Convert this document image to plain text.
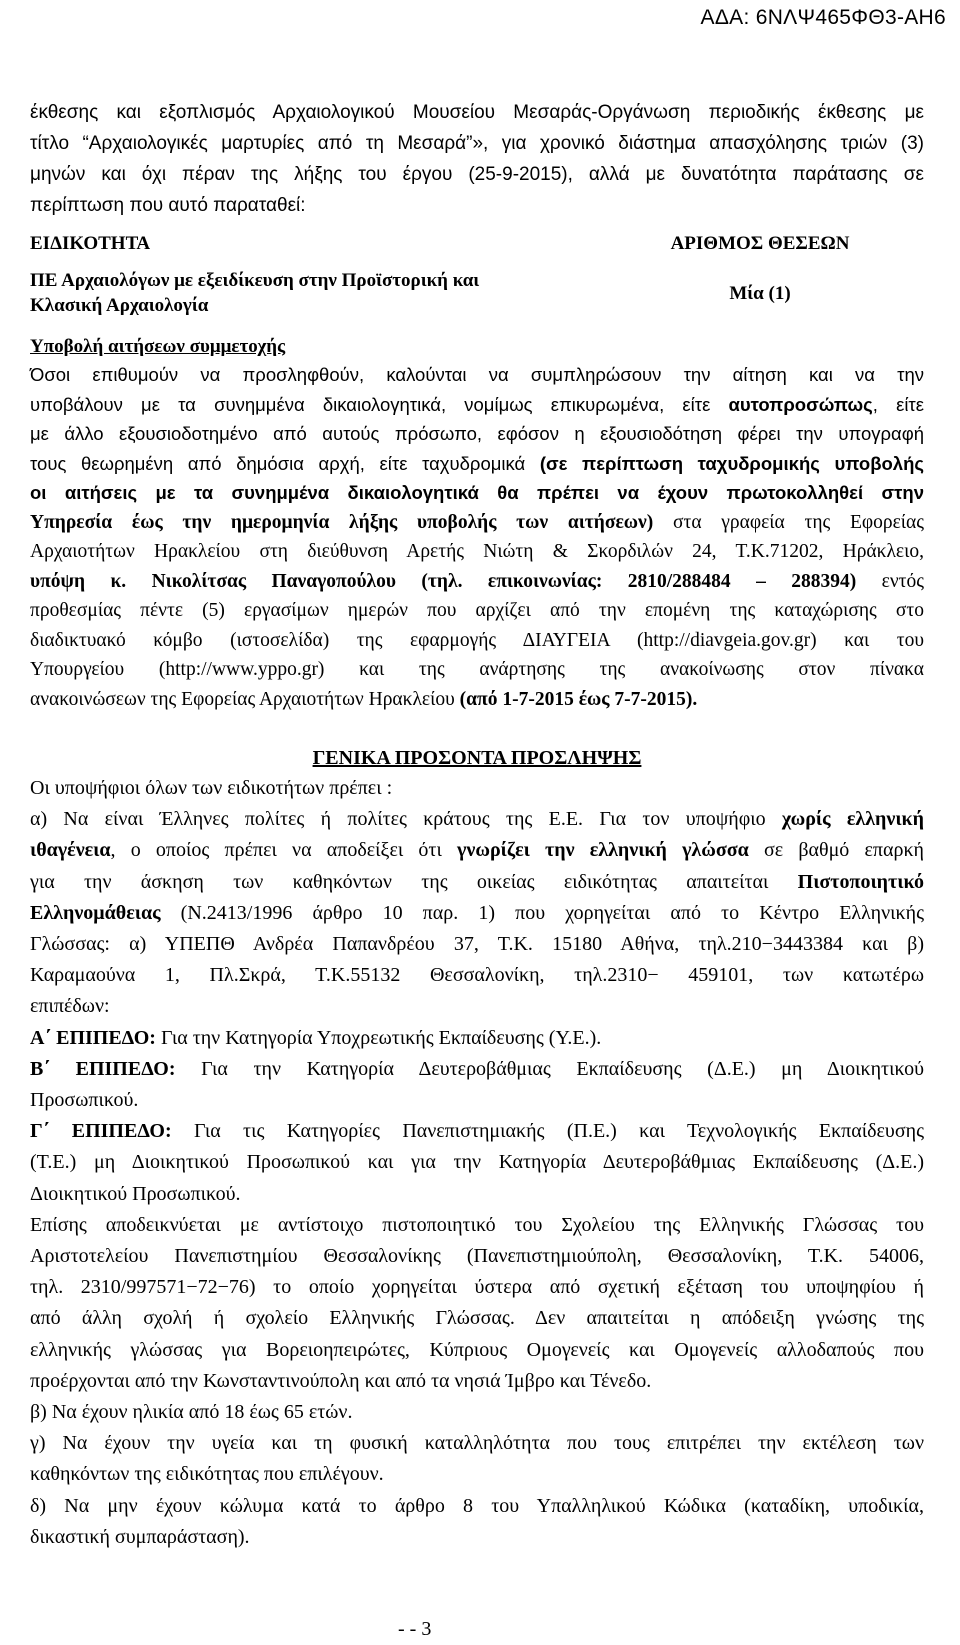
ΑΔΑ: 6ΝΛΨ465ΦΘ3-ΑΗ6

έκθεσης και εξοπλισμός Αρχαιολογικού Μουσείου Μεσαράς-Οργάνωση περιοδικής έκθεσης με

τίτλο “Αρχαιολογικές μαρτυρίες από τη Μεσαρά”», για χρονικό διάστημα απασχόλησης τριών (3)

μηνών και όχι πέραν της λήξης του έργου (25-9-2015), αλλά με δυνατότητα παράτασης σε

περίπτωση που αυτό παραταθεί:

ΕΙΔΙΚΟΤΗΤΑ	ΑΡΙΘΜΟΣ ΘΕΣΕΩΝ
ΠΕ Αρχαιολόγων με εξειδίκευση στην Προϊστορική και
Κλασική Αρχαιολογία	Μία (1)
Υποβολή αιτήσεων συμμετοχής

Όσοι επιθυμούν να προσληφθούν, καλούνται να συμπληρώσουν την αίτηση και να την

υποβάλουν με τα συνημμένα δικαιολογητικά, νομίμως επικυρωμένα, είτε αυτοπροσώπως, είτε

με άλλο εξουσιοδοτημένο από αυτούς πρόσωπο, εφόσον η εξουσιοδότηση φέρει την υπογραφή

τους θεωρημένη από δημόσια αρχή, είτε ταχυδρομικά (σε περίπτωση ταχυδρομικής υποβολής

οι αιτήσεις με τα συνημμένα δικαιολογητικά θα πρέπει να έχουν πρωτοκολληθεί στην

Υπηρεσία έως την ημερομηνία λήξης υποβολής των αιτήσεων) στα γραφεία της Εφορείας

Αρχαιοτήτων Ηρακλείου στη διεύθυνση Αρετής Νιώτη & Σκορδιλών 24, Τ.Κ.71202, Ηράκλειο,

υπόψη κ. Νικολίτσας Παναγοπούλου (τηλ. επικοινωνίας: 2810/288484 – 288394) εντός

προθεσμίας πέντε (5) εργασίμων ημερών που αρχίζει από την επομένη της καταχώρισης στο

διαδικτυακό κόμβο (ιστοσελίδα) της εφαρμογής ΔΙΑΥΓΕΙΑ (http://diavgeia.gov.gr) και του

Υπουργείου (http://www.yppo.gr) και της ανάρτησης της ανακοίνωσης στον πίνακα

ανακοινώσεων της Εφορείας Αρχαιοτήτων Ηρακλείου (από 1-7-2015 έως 7-7-2015).

ΓΕΝΙΚΑ ΠΡΟΣΟΝΤΑ ΠΡΟΣΛΗΨΗΣ

Οι υποψήφιοι όλων των ειδικοτήτων πρέπει :

α) Να είναι Έλληνες πολίτες ή πολίτες κράτους της Ε.Ε. Για τον υποψήφιο χωρίς ελληνική

ιθαγένεια, ο οποίος πρέπει να αποδείξει ότι γνωρίζει την ελληνική γλώσσα σε βαθμό επαρκή

για την άσκηση των καθηκόντων της οικείας ειδικότητας απαιτείται Πιστοποιητικό

Ελληνομάθειας (Ν.2413/1996 άρθρο 10 παρ. 1) που χορηγείται από το Κέντρο Ελληνικής

Γλώσσας: α) ΥΠΕΠΘ Ανδρέα Παπανδρέου 37, Τ.Κ. 15180 Αθήνα, τηλ.210−3443384 και β)

Καραμαούνα 1, Πλ.Σκρά, Τ.Κ.55132 Θεσσαλονίκη, τηλ.2310− 459101, των κατωτέρω

επιπέδων:

Α΄ ΕΠΙΠΕΔΟ: Για την Κατηγορία Υποχρεωτικής Εκπαίδευσης (Υ.Ε.).

Β΄ ΕΠΙΠΕΔΟ: Για την Κατηγορία Δευτεροβάθμιας Εκπαίδευσης (Δ.Ε.) μη Διοικητικού

Προσωπικού.

Γ΄ ΕΠΙΠΕΔΟ: Για τις Κατηγορίες Πανεπιστημιακής (Π.Ε.) και Τεχνολογικής Εκπαίδευσης

(Τ.Ε.) μη Διοικητικού Προσωπικού και για την Κατηγορία Δευτεροβάθμιας Εκπαίδευσης (Δ.Ε.)

Διοικητικού Προσωπικού.

Επίσης αποδεικνύεται με αντίστοιχο πιστοποιητικό του Σχολείου της Ελληνικής Γλώσσας του

Αριστοτελείου Πανεπιστημίου Θεσσαλονίκης (Πανεπιστημιούπολη, Θεσσαλονίκη, Τ.Κ. 54006,

τηλ. 2310/997571−72−76) το οποίο χορηγείται ύστερα από σχετική εξέταση του υποψηφίου ή

από άλλη σχολή ή σχολείο Ελληνικής Γλώσσας. Δεν απαιτείται η απόδειξη γνώσης της

ελληνικής γλώσσας για Βορειοηπειρώτες, Κύπριους Ομογενείς και Ομογενείς αλλοδαπούς που

προέρχονται από την Κωνσταντινούπολη και από τα νησιά Ίμβρο και Τένεδο.

β) Να έχουν ηλικία από 18 έως 65 ετών.

γ) Να έχουν την υγεία και τη φυσική καταλληλότητα που τους επιτρέπει την εκτέλεση των

καθηκόντων της ειδικότητας που επιλέγουν.

δ) Να μην έχουν κώλυμα κατά το άρθρο 8 του Υπαλληλικού Κώδικα (καταδίκη, υποδικία,

δικαστική συμπαράσταση).

- - 3
